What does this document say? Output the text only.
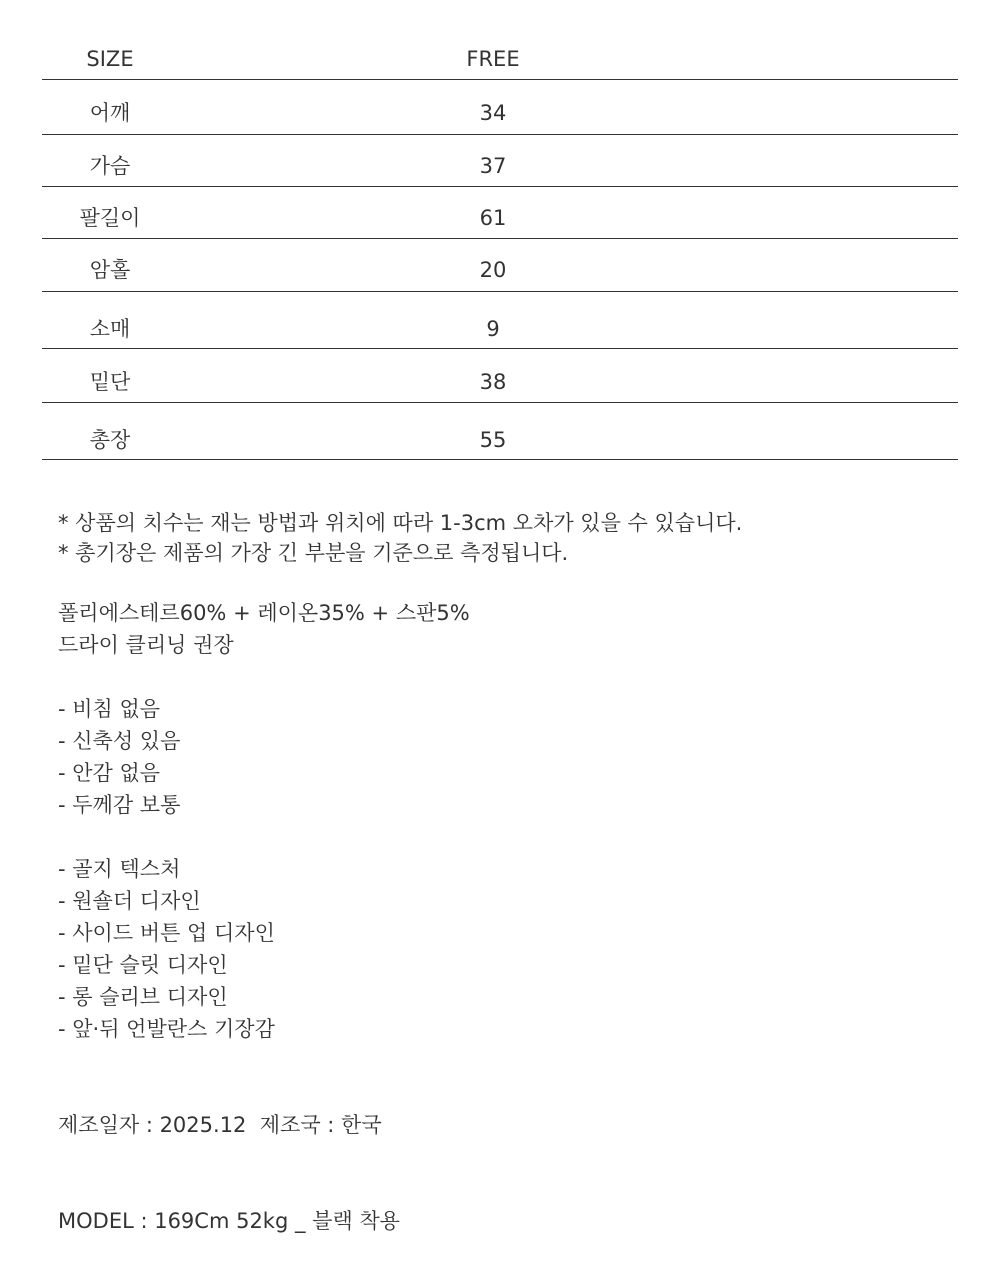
SIZE	FREE
어깨	34
가슴	37
팔길이	61
암홀	20
소매	9
밑단	38
총장	55
* 상품의 치수는 재는 방법과 위치에 따라 1-3cm 오차가 있을 수 있습니다.
* 총기장은 제품의 가장 긴 부분을 기준으로 측정됩니다.
폴리에스테르60% + 레이온35% + 스판5%
드라이 클리닝 권장
- 비침 없음
- 신축성 있음
- 안감 없음
- 두께감 보통
- 골지 텍스처
- 원숄더 디자인
- 사이드 버튼 업 디자인
- 밑단 슬릿 디자인
- 롱 슬리브 디자인
- 앞·뒤 언발란스 기장감
제조일자 : 2025.12  제조국 : 한국
MODEL : 169Cm 52kg _ 블랙 착용
